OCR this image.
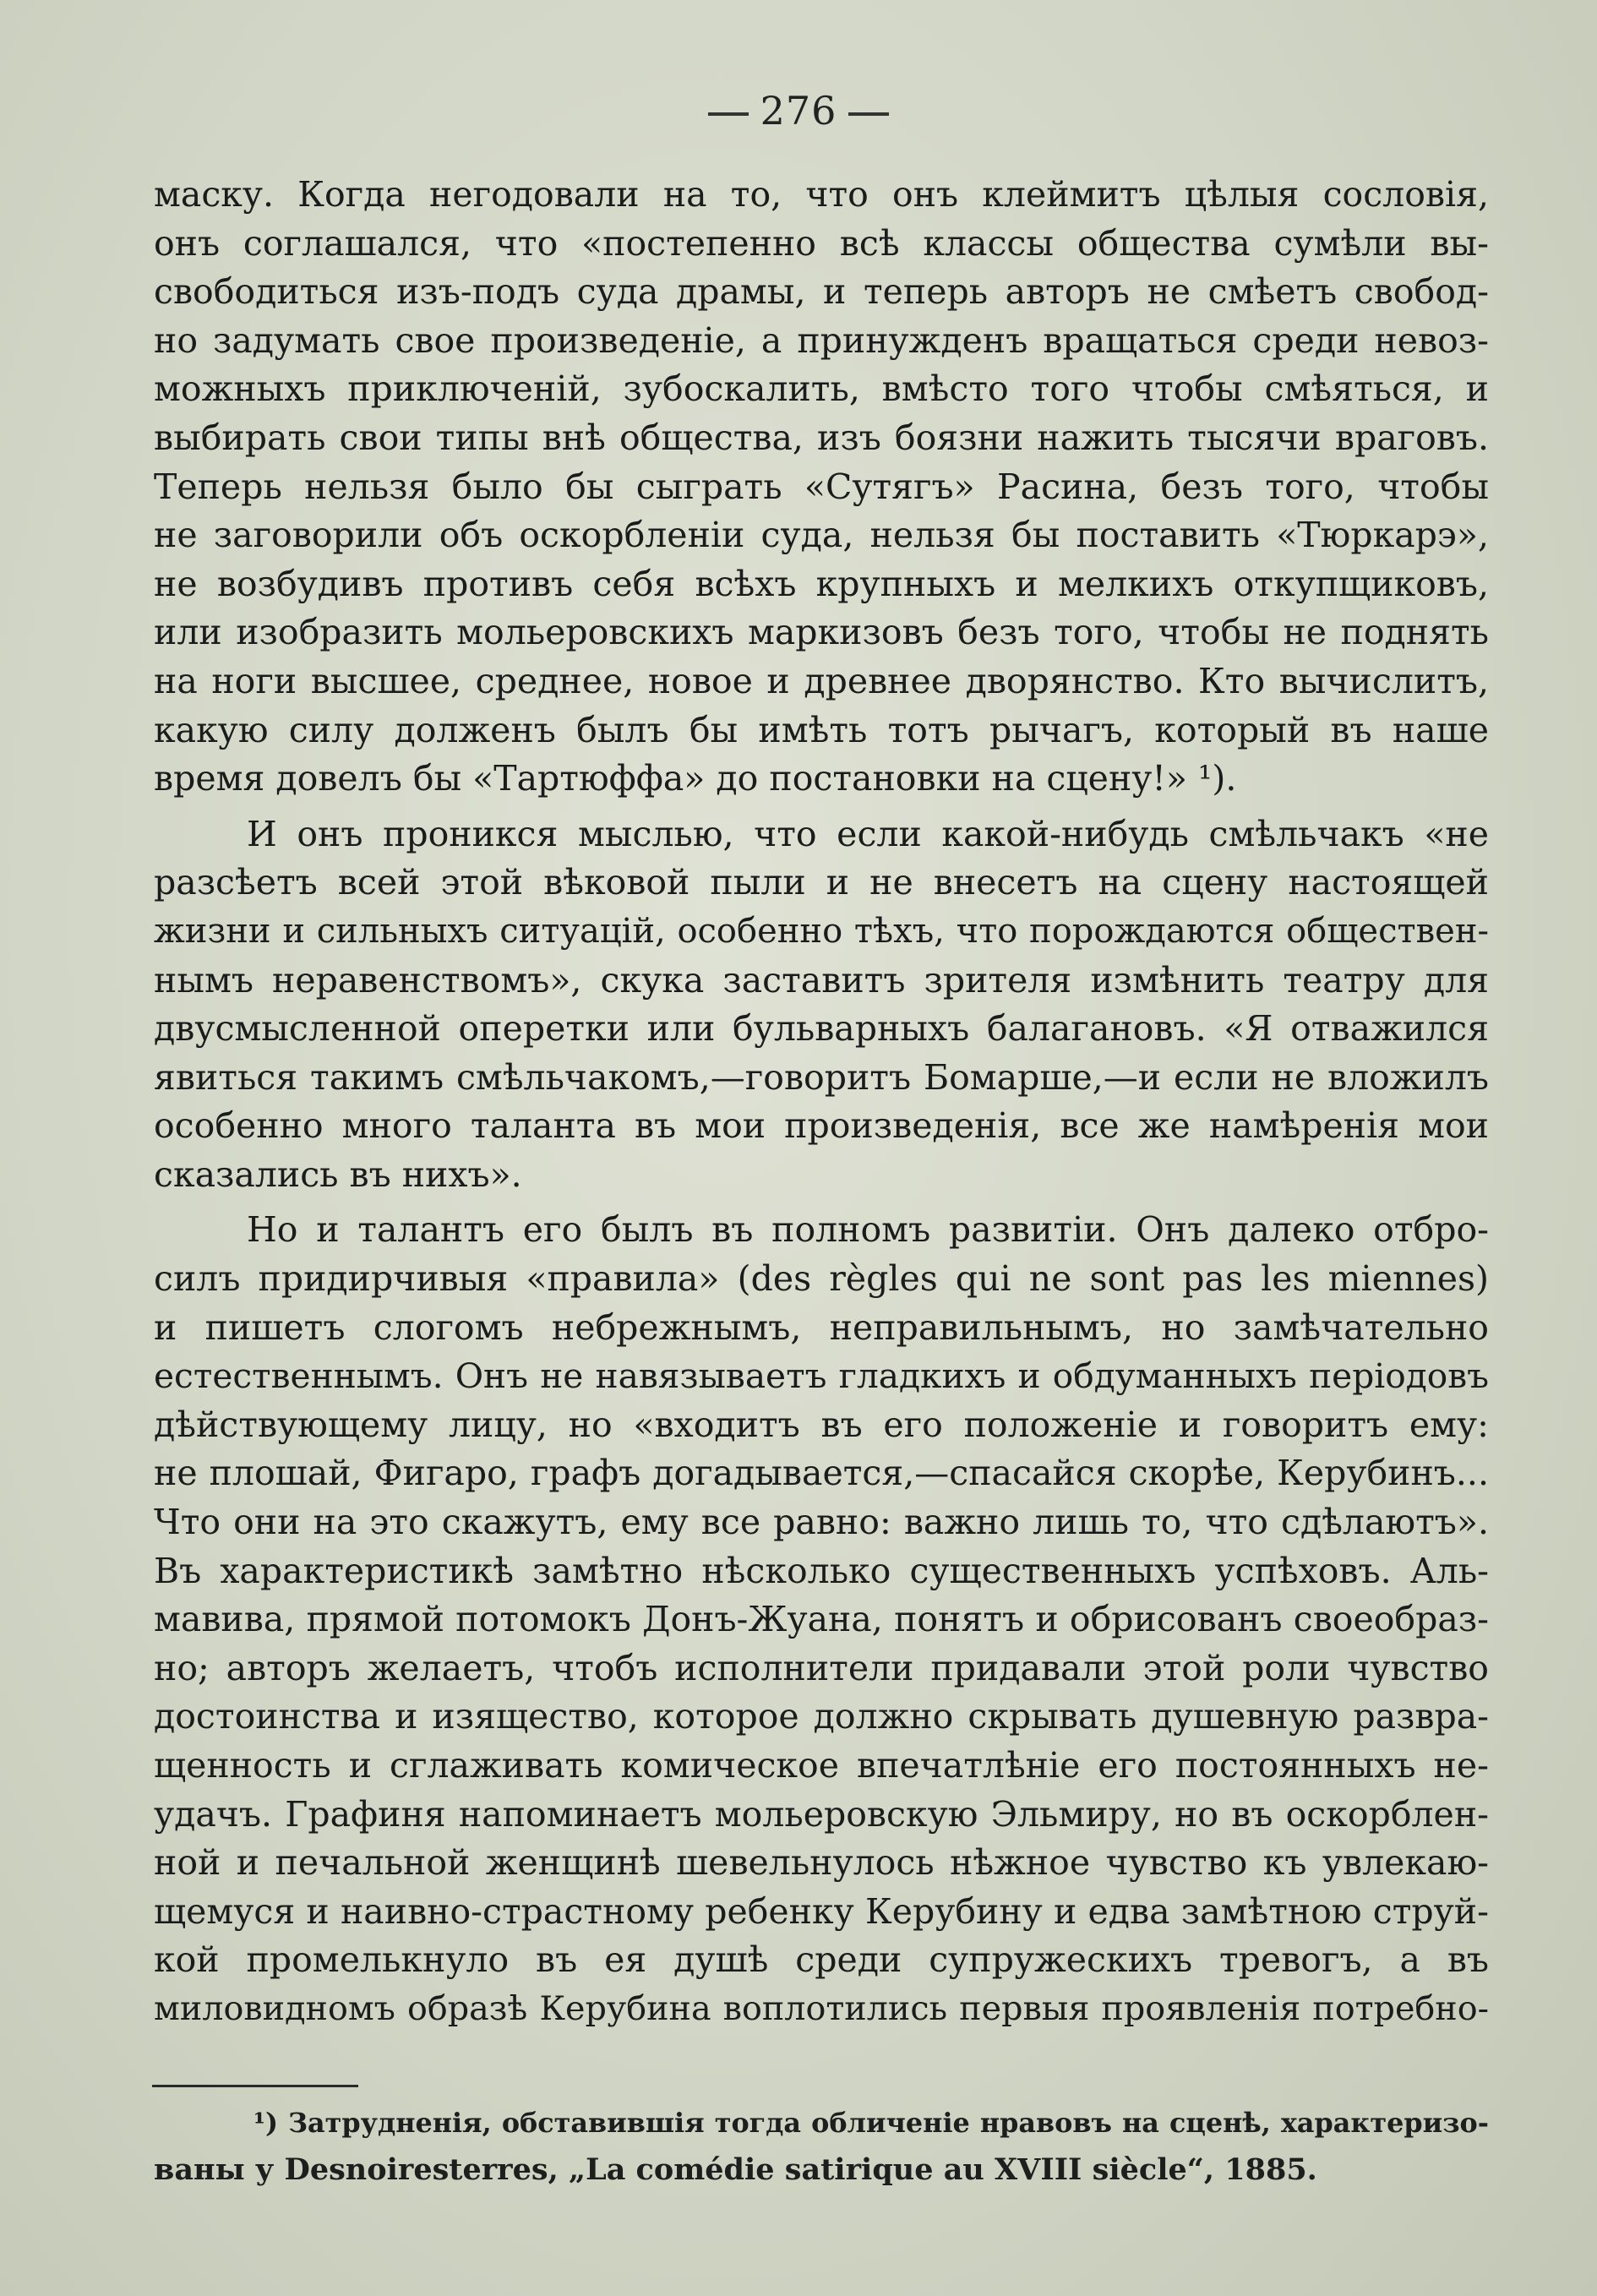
276
маску. Когда негодовали на то, что онъ клеймитъ цѣлыя сословія,
онъ соглашался, что «постепенно всѣ классы общества сумѣли вы-
свободиться изъ-подъ суда драмы, и теперь авторъ не смѣетъ свобод-
но задумать свое произведеніе, а принужденъ вращаться среди невоз-
можныхъ приключеній, зубоскалить, вмѣсто того чтобы смѣяться, и
выбирать свои типы внѣ общества, изъ боязни нажить тысячи враговъ.
Теперь нельзя было бы сыграть «Сутягъ» Расина, безъ того, чтобы
не заговорили объ оскорбленіи суда, нельзя бы поставить «Тюркарэ»,
не возбудивъ противъ себя всѣхъ крупныхъ и мелкихъ откупщиковъ,
или изобразить мольеровскихъ маркизовъ безъ того, чтобы не поднять
на ноги высшее, среднее, новое и древнее дворянство. Кто вычислитъ,
какую силу долженъ былъ бы имѣть тотъ рычагъ, который въ наше
время довелъ бы «Тартюффа» до постановки на сцену!» ¹).
И онъ проникся мыслью, что если какой-нибудь смѣльчакъ «не
разсѣетъ всей этой вѣковой пыли и не внесетъ на сцену настоящей
жизни и сильныхъ ситуацій, особенно тѣхъ, что порождаются обществен-
нымъ неравенствомъ», скука заставитъ зрителя измѣнить театру для
двусмысленной оперетки или бульварныхъ балагановъ. «Я отважился
явиться такимъ смѣльчакомъ,—говоритъ Бомарше,—и если не вложилъ
особенно много таланта въ мои произведенія, все же намѣренія мои
сказались въ нихъ».
Но и талантъ его былъ въ полномъ развитіи. Онъ далеко отбро-
силъ придирчивыя «правила» (des règles qui ne sont pas les miennes)
и пишетъ слогомъ небрежнымъ, неправильнымъ, но замѣчательно
естественнымъ. Онъ не навязываетъ гладкихъ и обдуманныхъ періодовъ
дѣйствующему лицу, но «входитъ въ его положеніе и говоритъ ему:
не плошай, Фигаро, графъ догадывается,—спасайся скорѣе, Керубинъ...
Что они на это скажутъ, ему все равно: важно лишь то, что сдѣлаютъ».
Въ характеристикѣ замѣтно нѣсколько существенныхъ успѣховъ. Аль-
мавива, прямой потомокъ Донъ-Жуана, понятъ и обрисованъ своеобраз-
но; авторъ желаетъ, чтобъ исполнители придавали этой роли чувство
достоинства и изящество, которое должно скрывать душевную развра-
щенность и сглаживать комическое впечатлѣніе его постоянныхъ не-
удачъ. Графиня напоминаетъ мольеровскую Эльмиру, но въ оскорблен-
ной и печальной женщинѣ шевельнулось нѣжное чувство къ увлекаю-
щемуся и наивно-страстному ребенку Керубину и едва замѣтною струй-
кой промелькнуло въ ея душѣ среди супружескихъ тревогъ, а въ
миловидномъ образѣ Керубина воплотились первыя проявленія потребно-
¹) Затрудненія, обставившія тогда обличеніе нравовъ на сценѣ, характеризо-
ваны у Desnoiresterres, „La comédie satirique au XVIII siècle“, 1885.
